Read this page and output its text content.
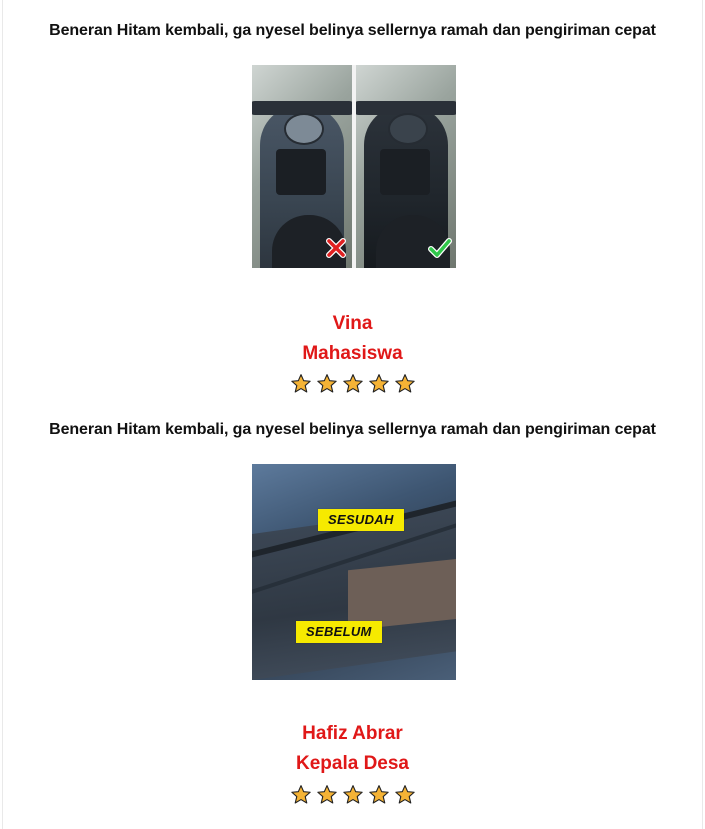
Beneran Hitam kembali, ga nyesel belinya sellernya ramah dan pengiriman cepat
Vina
Mahasiswa

Beneran Hitam kembali, ga nyesel belinya sellernya ramah dan pengiriman cepat
SESUDAH
SEBELUM
Hafiz Abrar
Kepala Desa
